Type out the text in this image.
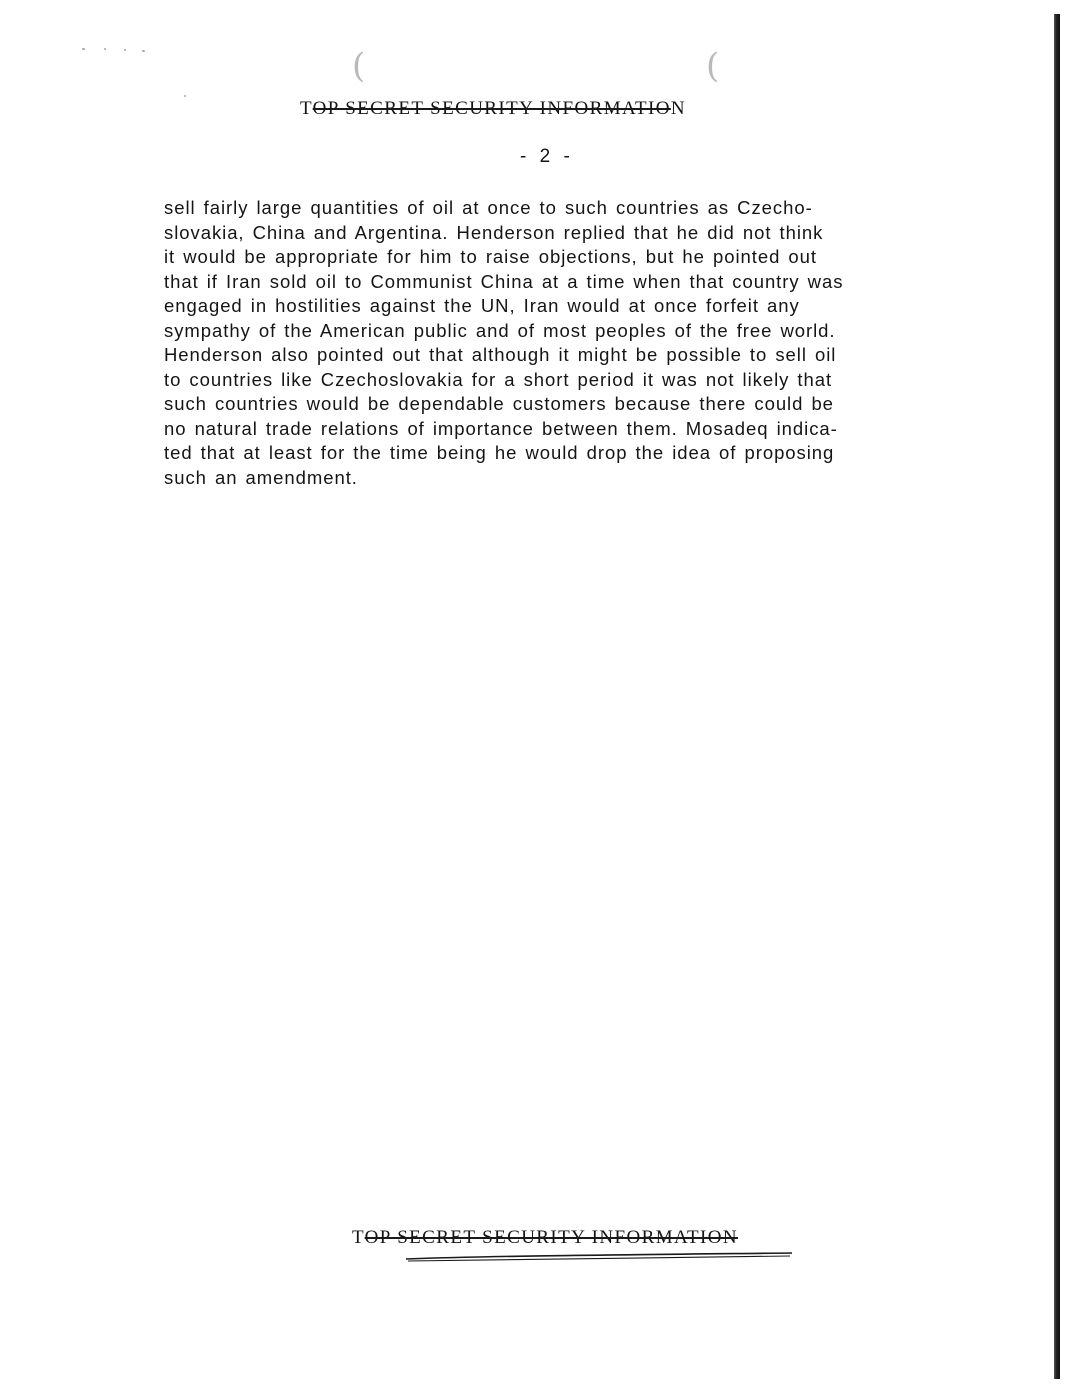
(	(
TOP SECRET SECURITY INFORMATION
- 2 -
sell fairly large quantities of oil at once to such countries as Czecho-
slovakia, China and Argentina. Henderson replied that he did not think
it would be appropriate for him to raise objections, but he pointed out
that if Iran sold oil to Communist China at a time when that country was
engaged in hostilities against the UN, Iran would at once forfeit any
sympathy of the American public and of most peoples of the free world.
Henderson also pointed out that although it might be possible to sell oil
to countries like Czechoslovakia for a short period it was not likely that
such countries would be dependable customers because there could be
no natural trade relations of importance between them. Mosadeq indica-
ted that at least for the time being he would drop the idea of proposing
such an amendment.
TOP SECRET SECURITY INFORMATION
